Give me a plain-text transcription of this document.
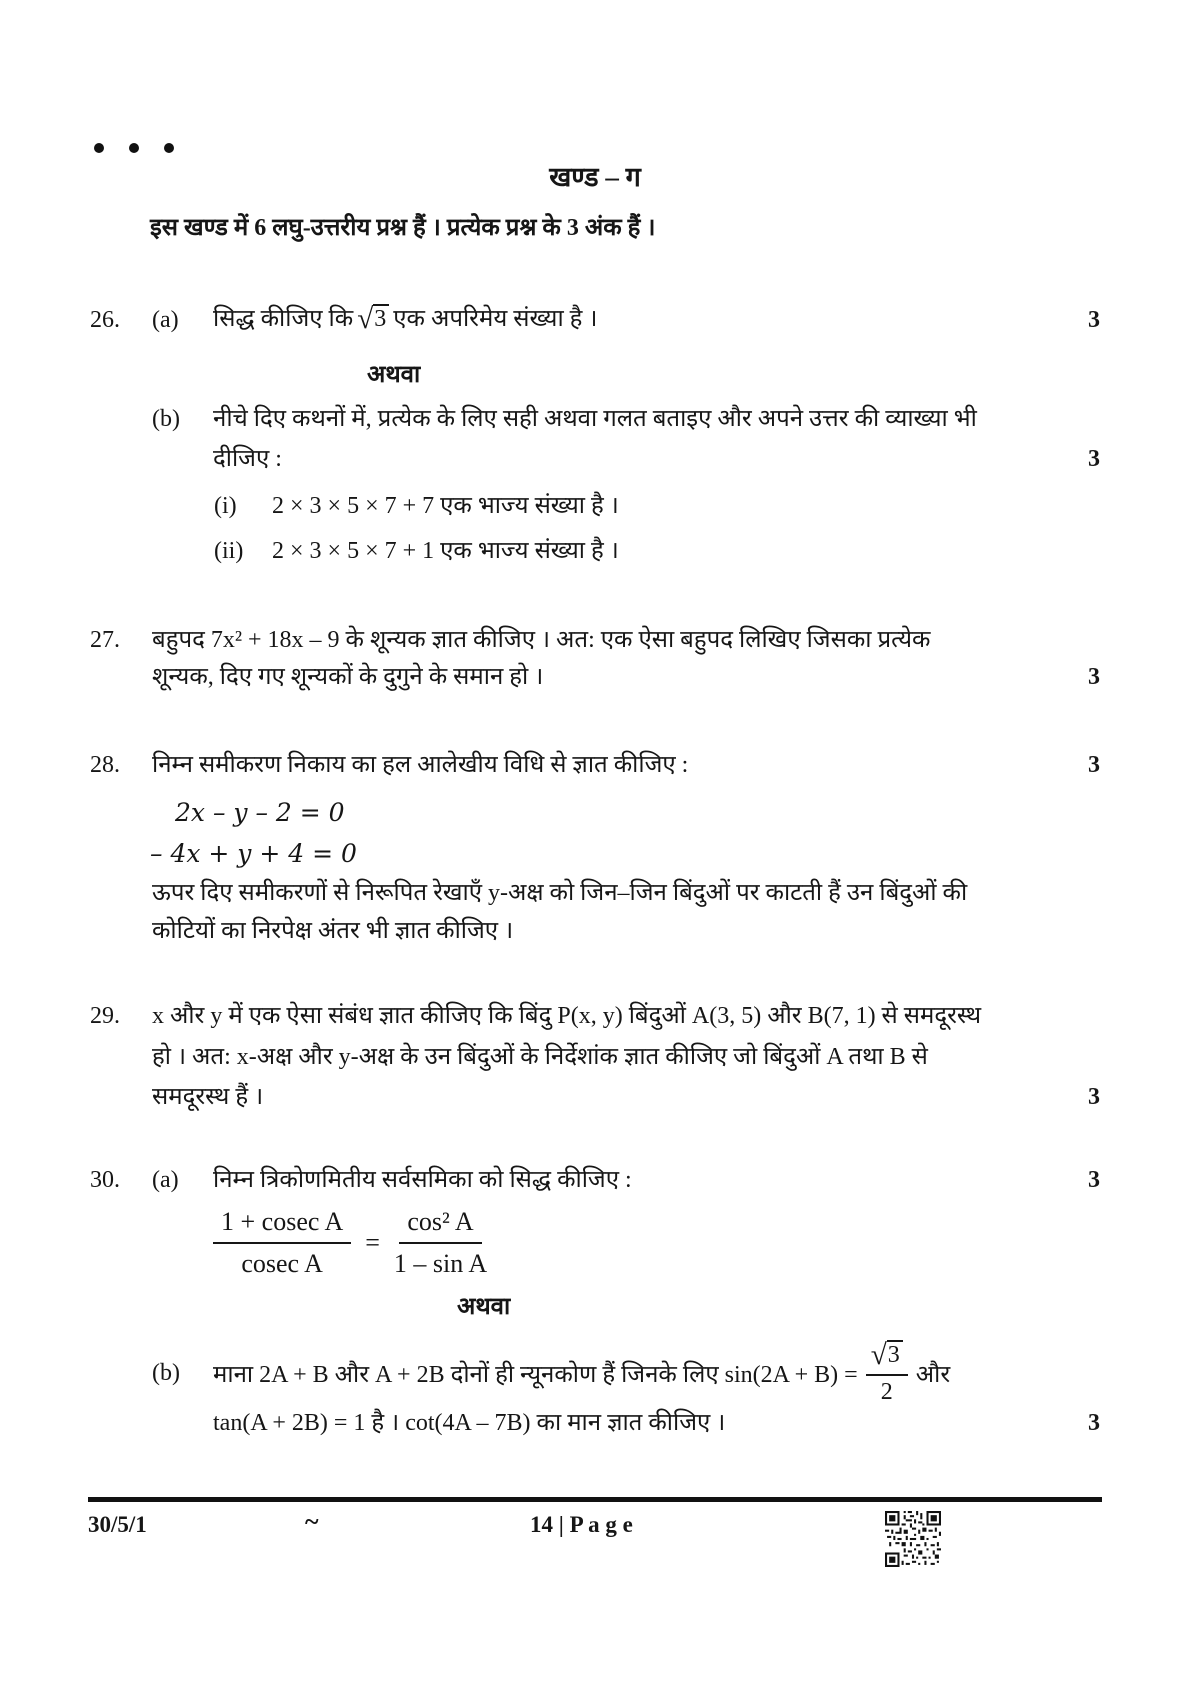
खण्ड – ग
इस खण्ड में 6 लघु-उत्तरीय प्रश्न हैं । प्रत्येक प्रश्न के 3 अंक हैं ।
26. (a) सिद्ध कीजिए कि √ 3 एक अपरिमेय संख्या है ।	3
अथवा
(b) नीचे दिए कथनों में, प्रत्येक के लिए सही अथवा गलत बताइए और अपने उत्तर की व्याख्या भी
दीजिए :	3
(i) 2 × 3 × 5 × 7 + 7 एक भाज्य संख्या है ।
(ii) 2 × 3 × 5 × 7 + 1 एक भाज्य संख्या है ।
27. बहुपद 7x² + 18x – 9 के शून्यक ज्ञात कीजिए । अत: एक ऐसा बहुपद लिखिए जिसका प्रत्येक
शून्यक, दिए गए शून्यकों के दुगुने के समान हो ।	3
28. निम्न समीकरण निकाय का हल आलेखीय विधि से ज्ञात कीजिए :	3
2x – y – 2 = 0
– 4x + y + 4 = 0
ऊपर दिए समीकरणों से निरूपित रेखाएँ y-अक्ष को जिन–जिन बिंदुओं पर काटती हैं उन बिंदुओं की
कोटियों का निरपेक्ष अंतर भी ज्ञात कीजिए ।
29. x और y में एक ऐसा संबंध ज्ञात कीजिए कि बिंदु P(x, y) बिंदुओं A(3, 5) और B(7, 1) से समदूरस्थ
हो । अत: x-अक्ष और y-अक्ष के उन बिंदुओं के निर्देशांक ज्ञात कीजिए जो बिंदुओं A तथा B से
समदूरस्थ हैं ।	3
30. (a) निम्न त्रिकोणमितीय सर्वसमिका को सिद्ध कीजिए :	3
$\frac{\text{1 + cosec A}}{\text{cosec A}} = \frac{\text{cos² A}}{\text{1 – sin A}}$
अथवा
(b) माना 2A + B और A + 2B दोनों ही न्यूनकोण हैं जिनके लिए $\sin(2A + B) = \frac{√ 3}{2}$ और
tan(A + 2B) = 1 है । cot(4A – 7B) का मान ज्ञात कीजिए ।	3
30/5/1	~	14 | P a g e
